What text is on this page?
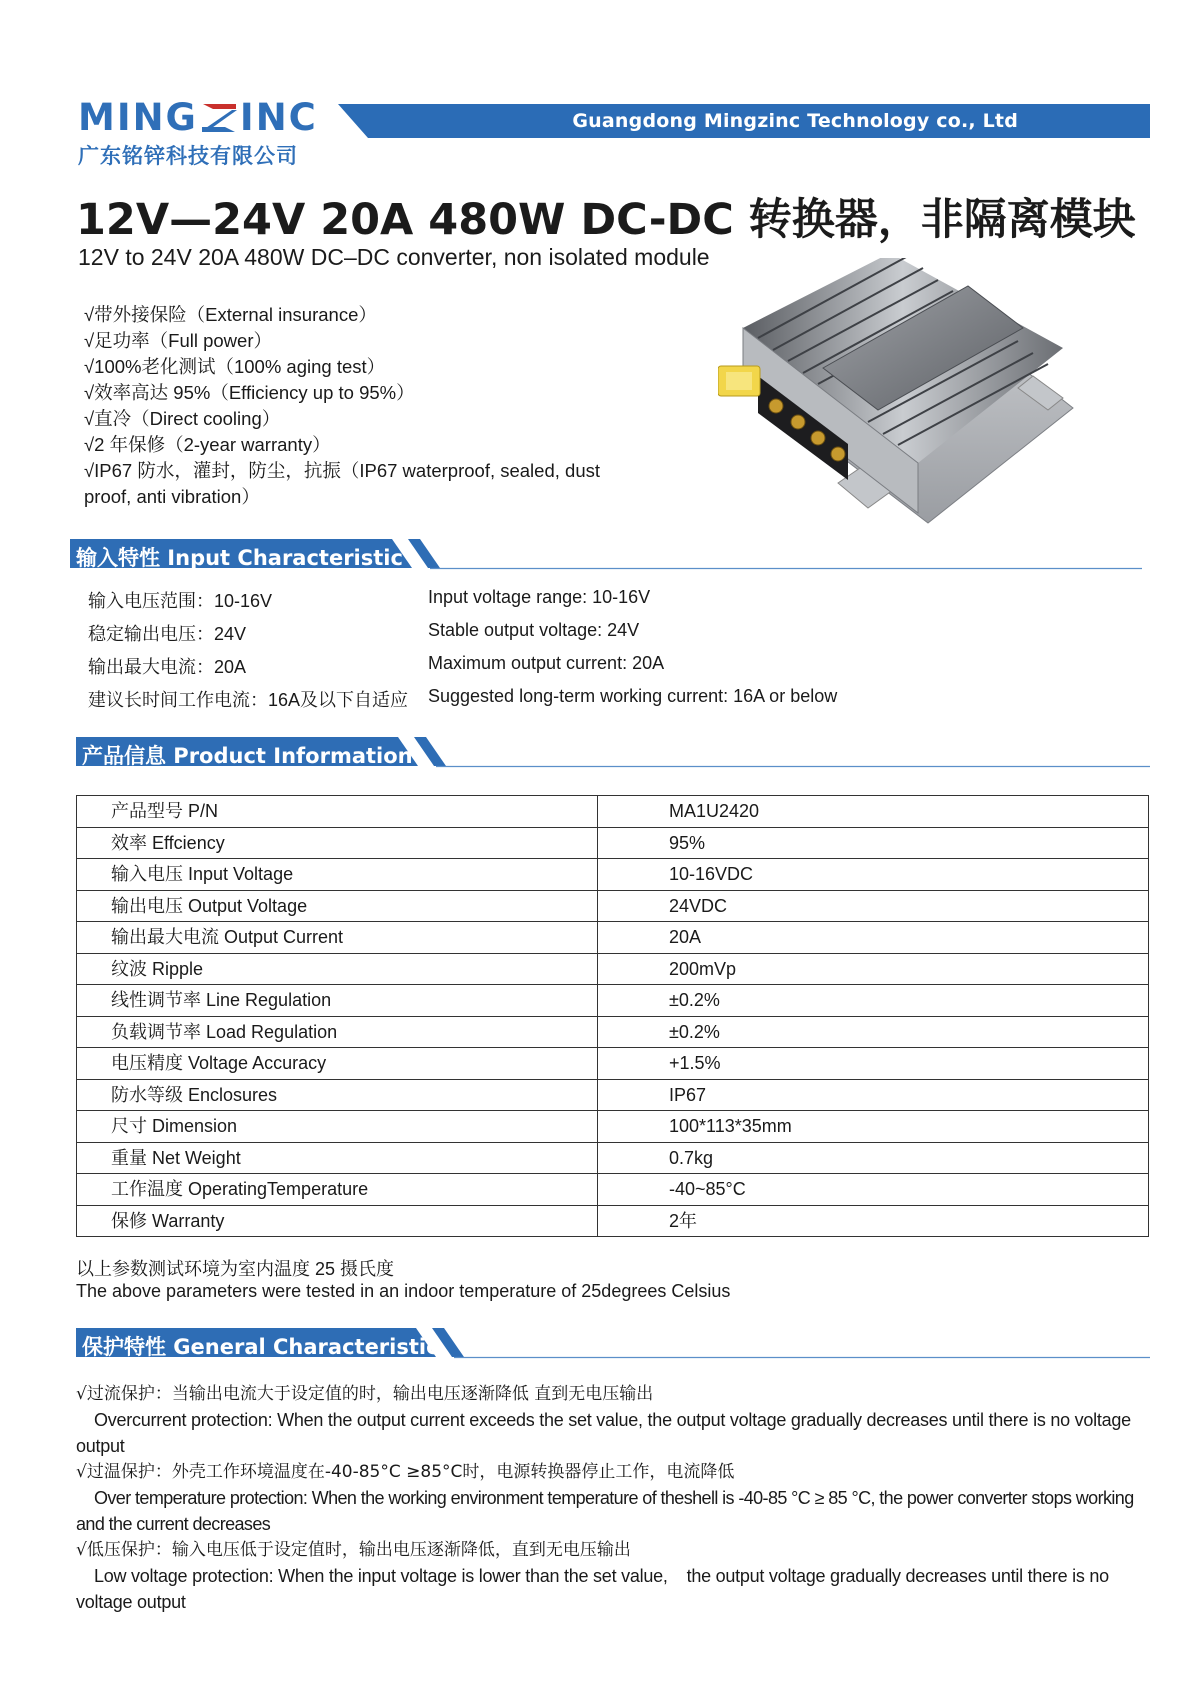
MING INC
广东铭锌科技有限公司
Guangdong Mingzinc Technology co., Ltd
12V—24V 20A 480W DC-DC 转换器，非隔离模块
12V to 24V 20A 480W DC–DC converter, non isolated module
√带外接保险（External insurance）
√足功率（Full power）
√100%老化测试（100% aging test）
√效率高达 95%（Efficiency up to 95%）
√直冷（Direct cooling）
√2 年保修（2-year warranty）
√IP67 防水，灌封，防尘，抗振（IP67 waterproof, sealed, dust proof, anti vibration）
输入特性 Input Characteristic
输入电压范围：10-16V	Input voltage range: 10-16V
稳定输出电压：24V	Stable output voltage: 24V
输出最大电流：20A	Maximum output current: 20A
建议长时间工作电流：16A及以下自适应 Suggested long-term working current: 16A or below
产品信息 Product Information
产品型号 P/N	MA1U2420
效率 Effciency	95%
输入电压 Input Voltage	10-16VDC
输出电压 Output Voltage	24VDC
输出最大电流 Output Current	20A
纹波 Ripple	200mVp
线性调节率 Line Regulation	±0.2%
负载调节率 Load Regulation	±0.2%
电压精度 Voltage Accuracy	+1.5%
防水等级 Enclosures	IP67
尺寸 Dimension	100*113*35mm
重量 Net Weight	0.7kg
工作温度 OperatingTemperature	-40~85°C
保修 Warranty	2年
以上参数测试环境为室内温度 25 摄氏度
The above parameters were tested in an indoor temperature of 25degrees Celsius
保护特性 General Characteristic
√过流保护：当输出电流大于设定值的时，输出电压逐渐降低 直到无电压输出
Overcurrent protection: When the output current exceeds the set value, the output voltage gradually decreases until there is no voltage output
√过温保护：外壳工作环境温度在-40-85°C ≥85°C时，电源转换器停止工作，电流降低
Over temperature protection: When the working environment temperature of theshell is -40-85 °C ≥ 85 °C, the power converter stops working and the current decreases
√低压保护：输入电压低于设定值时，输出电压逐渐降低，直到无电压输出
Low voltage protection: When the input voltage is lower than the set value,    the output voltage gradually decreases until there is no voltage output
